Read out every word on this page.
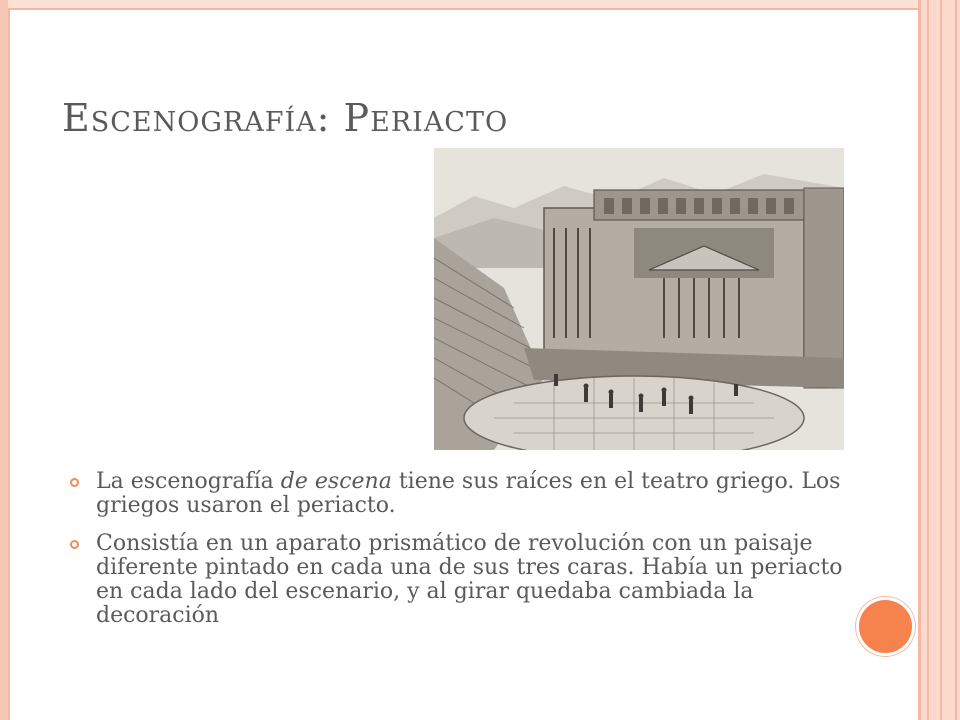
Escenografía: Periacto
La escenografía de escena tiene sus raíces en el teatro griego. Los griegos usaron el periacto.
Consistía en un aparato prismático de revolución con un paisaje diferente pintado en cada una de sus tres caras. Había un periacto en cada lado del escenario, y al girar quedaba cambiada la decoración
